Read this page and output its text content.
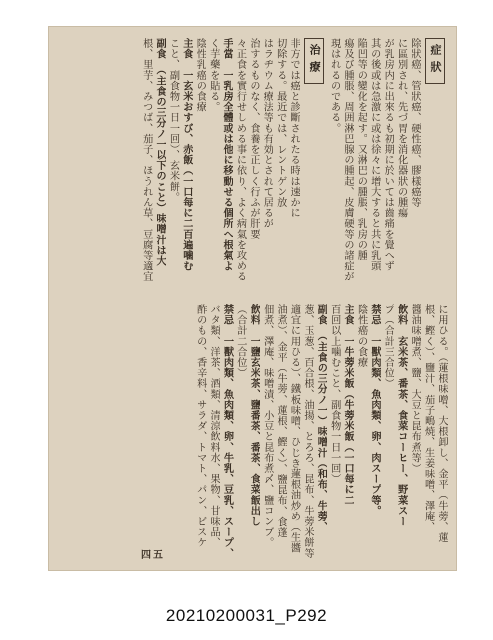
症狀

除狀癌、管狀癌、硬性癌、膠樣癌等

に區別され、先づ胃を消化器狀の腫瘍

が乳房内に出來るも初期に於いては齒痛を覺へず

其の後或は急激に或は徐々に增大すると共に乳頭

陥凹等の變化を起す。又淋巴の腫脹、乳房の腫

瘍及び腫脹、周囲淋巴腺の腫起、皮膚硬等の諸症が

現はれるのである。

治療

非方では癌と診斷されたる時は速かに

切除する。最近では、レントゲン放

はラヂウム療法等も有効とされて居るが

治するものなく、食養を正しく行ふが肝要

々正食を實行せしめる事に依り、よく病氣を攻める

手當　一乳房全體或は他に移動せる個所へ根氣よ

く芋藥を貼る。

陰性乳癌の食療

主食　一玄米おすび、赤飯（一口每に二百遍噛む

こと、副食物一日一回）、玄米餅。

副食　（主食の三分ノ一以下のこと）味噌汁は大

根、里芋、みつば、茄子、ほうれん草、豆腐等適宜

に用ひる。（蓮根味噌、大根卸し、金平（牛蒡、蓮

根、鰹く）、鹽汁、茄子鴫焼、生姜味噌、澤庵、

醬油味噌煮、鹽、大豆と昆布煮等）

飲料　玄米茶、番茶、食菜コーヒー、野菜スー

プ（合計三合位）

禁忌　一獸肉類、魚肉類、卵、肉スープ等。

陰性癌の食療

主食　一牛蒡米飯（牛蒡米飯（一口每に二

百回以上噛むこと、副食物一日一回）

副食　（主食の三分ノ一）味噌汁（和布、牛蒡、

葱、玉葱、百合根、油揚、とろろ、昆布、牛蒡米餅等

適宜に用ひる）、鐵板味噌、ひじき蓮根油炒め（生醬

油煮）、金平（牛蒡、蓮根、鰹く）、鹽昆布、食蓬

佃煮、澤庵、味噌漬、小豆と昆布煮〆、鹽コンブ。

飲料　一鹽玄米茶、鹽番茶、番茶、食菜飯出し

（合計二合位）

禁忌　一獸肉類、魚肉類、卵、牛乳、豆乳、スープ、

バタ類、洋茶、酒類、清涼飲料水、果物、甘味品、

酢のもの、香辛料、サラダ、トマト、パン、ビスケ

四五
20210200031_P292
